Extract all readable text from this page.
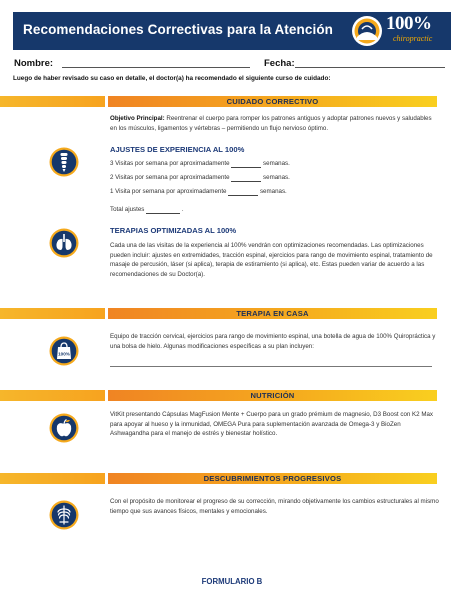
Recomendaciones Correctivas para la Atención	100%
chiropractic
Nombre:	Fecha:
Luego de haber revisado su caso en detalle, el doctor(a) ha recomendado el siguiente curso de cuidado:
CUIDADO CORRECTIVO
Objetivo Principal: Reentrenar el cuerpo para romper los patrones antiguos y adoptar patrones nuevos y saludables en los músculos, ligamentos y vértebras – permitiendo un flujo nervioso óptimo.
AJUSTES DE EXPERIENCIA AL 100%
3 Visitas por semana por aproximadamente	semanas.
2 Visitas por semana por aproximadamente	semanas.
1 Visita por semana por aproximadamente	semanas.
Total ajustes	.
TERAPIAS OPTIMIZADAS AL 100%
Cada una de las visitas de la experiencia al 100% vendrán con optimizaciones recomendadas. Las optimizaciones pueden incluir: ajustes en extremidades, tracción espinal, ejercicios para rango de movimiento espinal, tratamiento de masaje de percusión, láser (si aplica), terapia de estiramiento (si aplica), etc. Estas pueden variar de acuerdo a las recomendaciones de su Doctor(a).
TERAPIA EN CASA
100%
Equipo de tracción cervical, ejercicios para rango de movimiento espinal, una botella de agua de 100% Quiropráctica y una bolsa de hielo. Algunas modificaciones específicas a su plan incluyen:
NUTRICIÓN
VitKit presentando Cápsulas MagFusion Mente + Cuerpo para un grado prémium de magnesio, D3 Boost con K2 Max para apoyar al hueso y la inmunidad, OMEGA Pura para suplementación avanzada de Omega-3 y BioZen Ashwagandha para el manejo de estrés y bienestar holístico.
DESCUBRIMIENTOS PROGRESIVOS
Con el propósito de monitorear el progreso de su corrección, mirando objetivamente los cambios estructurales al mismo tiempo que sus avances físicos, mentales y emocionales.
FORMULARIO B
